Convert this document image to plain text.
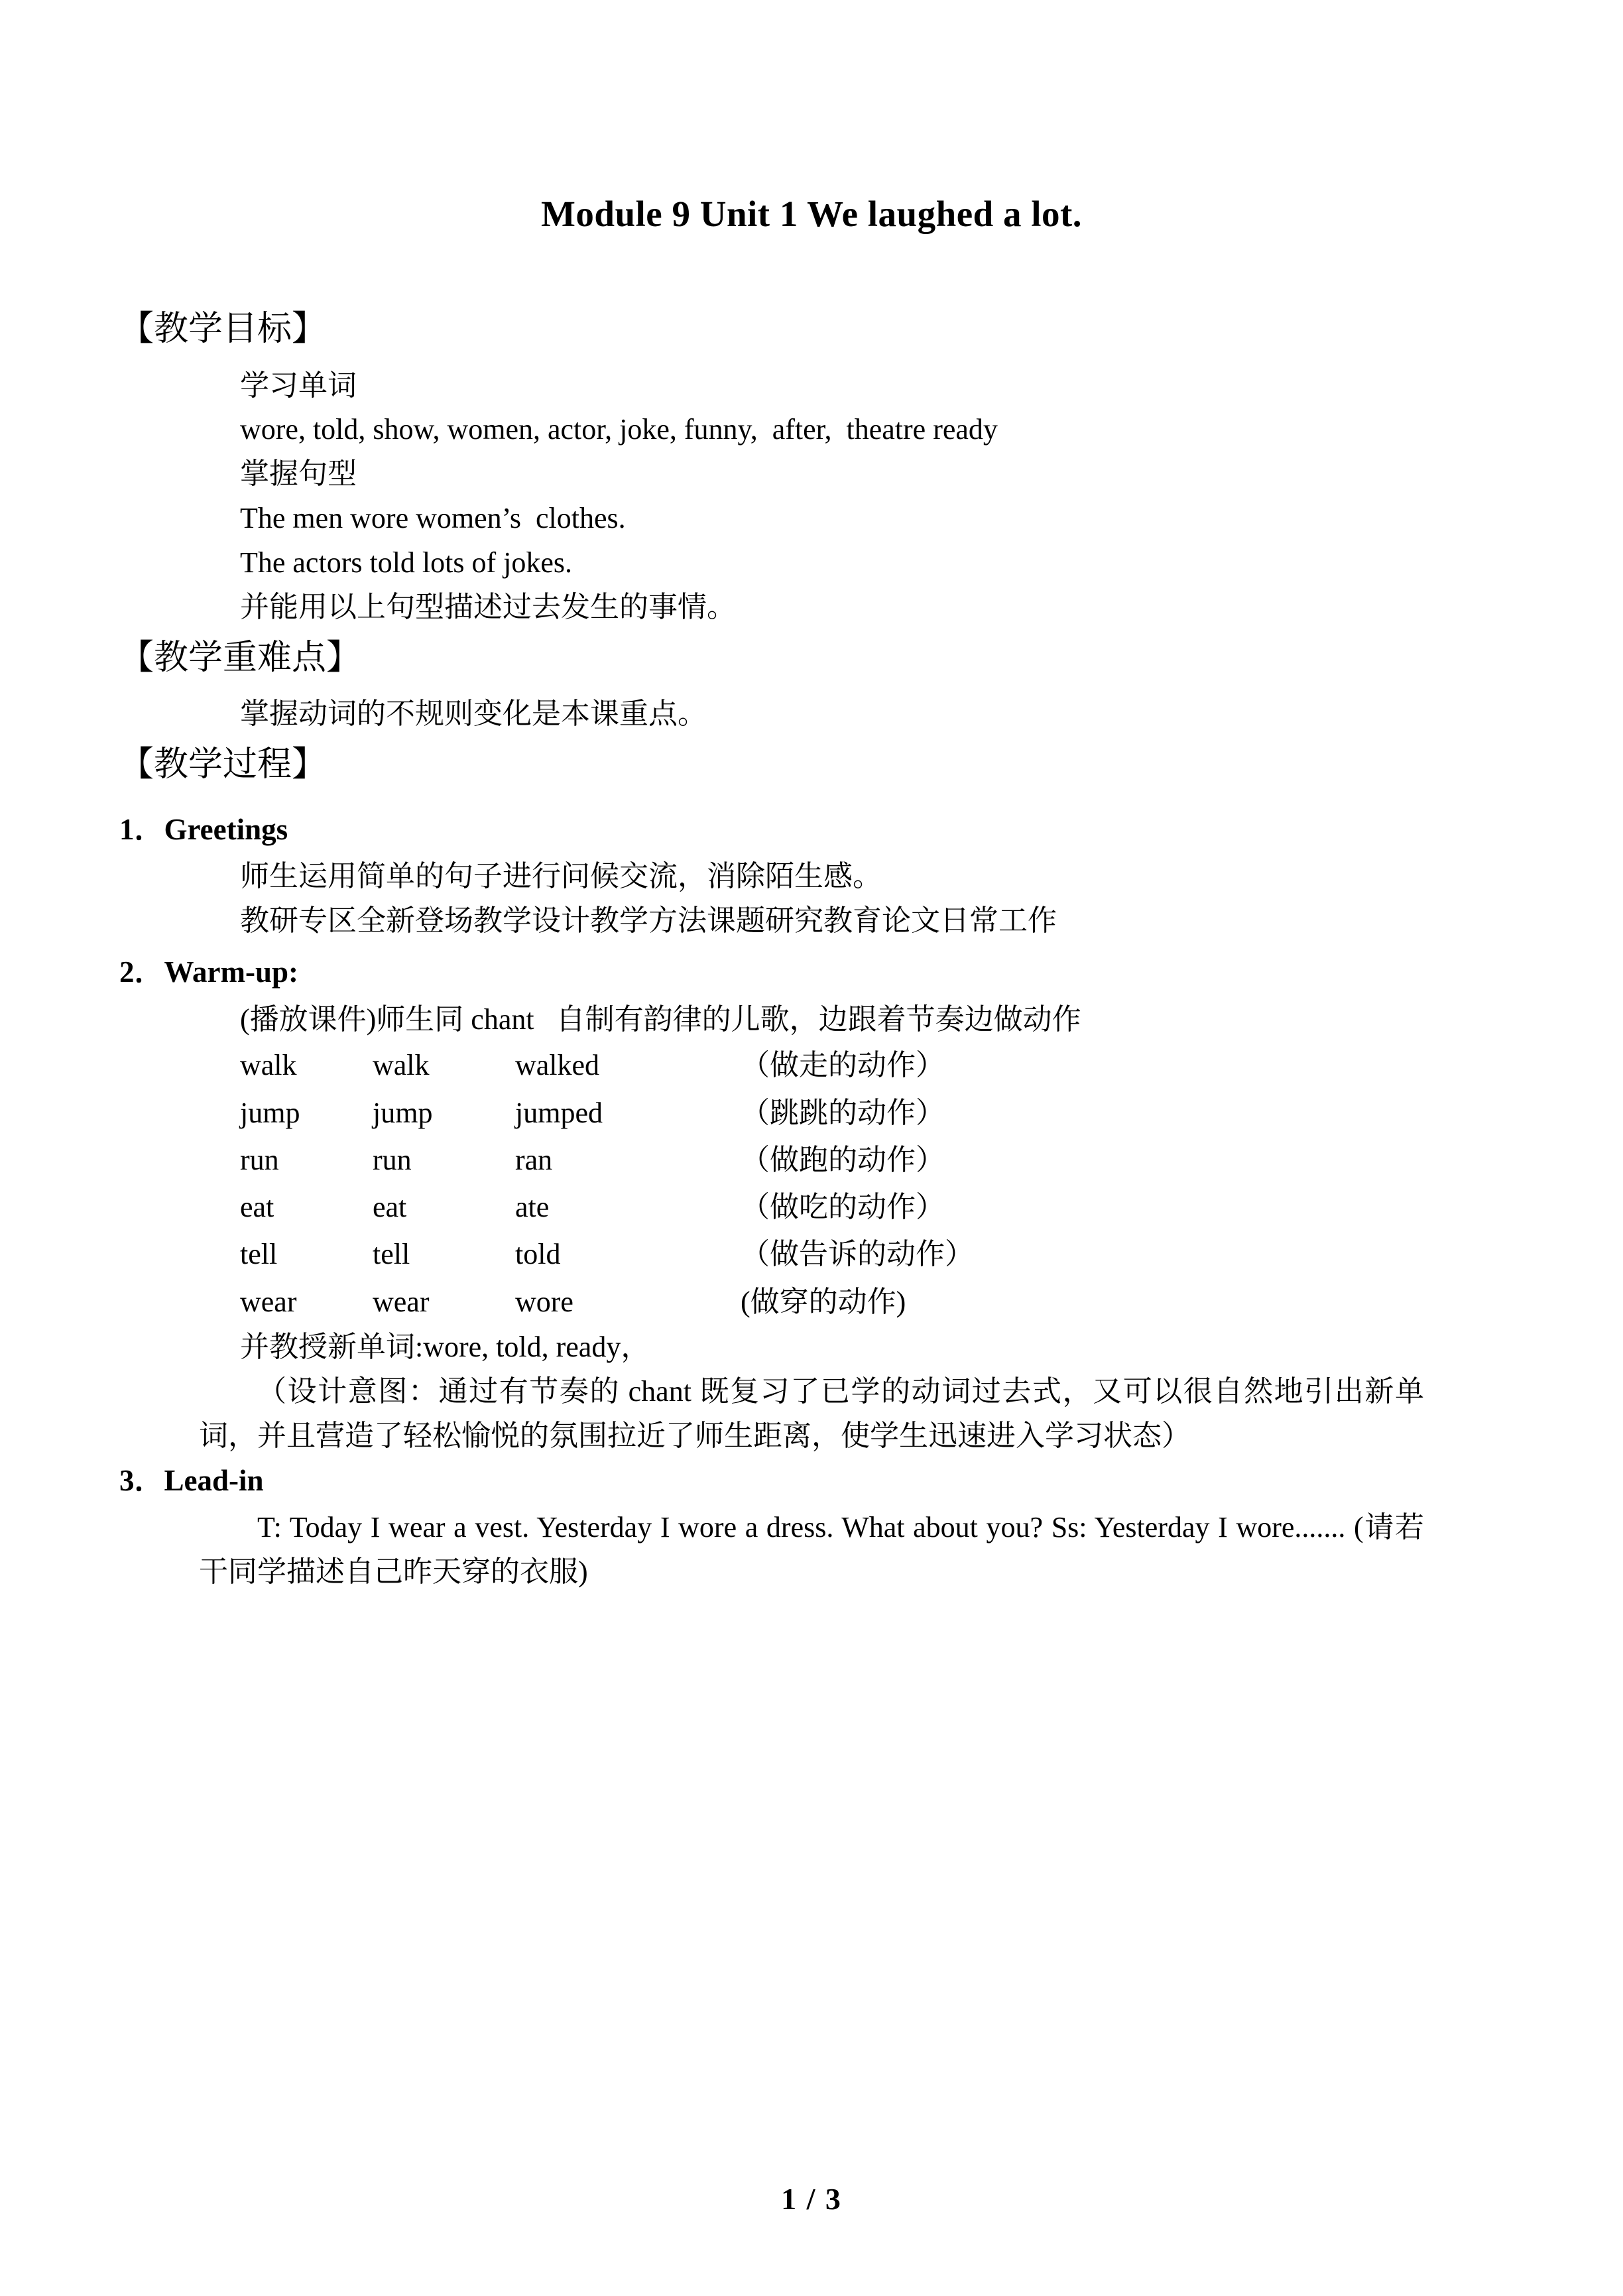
Module 9 Unit 1 We laughed a lot.
【教学目标】

学习单词

wore, told, show, women, actor, joke, funny,  after,  theatre ready

掌握句型

The men wore women’s  clothes.

The actors told lots of jokes.

并能用以上句型描述过去发生的事情。

【教学重难点】

掌握动词的不规则变化是本课重点。

【教学过程】
1．Greetings

师生运用简单的句子进行问候交流，消除陌生感。

教研专区全新登场教学设计教学方法课题研究教育论文日常工作

2．Warm-up:

(播放课件)师生同 chant   自制有韵律的儿歌，边跟着节奏边做动作

walk	walk	walked	（做走的动作）
jump	jump	jumped	（跳跳的动作）
run	run	ran	（做跑的动作）
eat	eat	ate	（做吃的动作）
tell	tell	told	（做告诉的动作）
wear	wear	wore	(做穿的动作)

并教授新单词:wore, told, ready，

（设计意图：通过有节奏的 chant 既复习了已学的动词过去式，又可以很自然地引出新单词，并且营造了轻松愉悦的氛围拉近了师生距离，使学生迅速进入学习状态）

3．Lead-in

T: Today I wear a vest. Yesterday I wore a dress. What about you? Ss: Yesterday I wore....... (请若干同学描述自己昨天穿的衣服)

1 / 3
